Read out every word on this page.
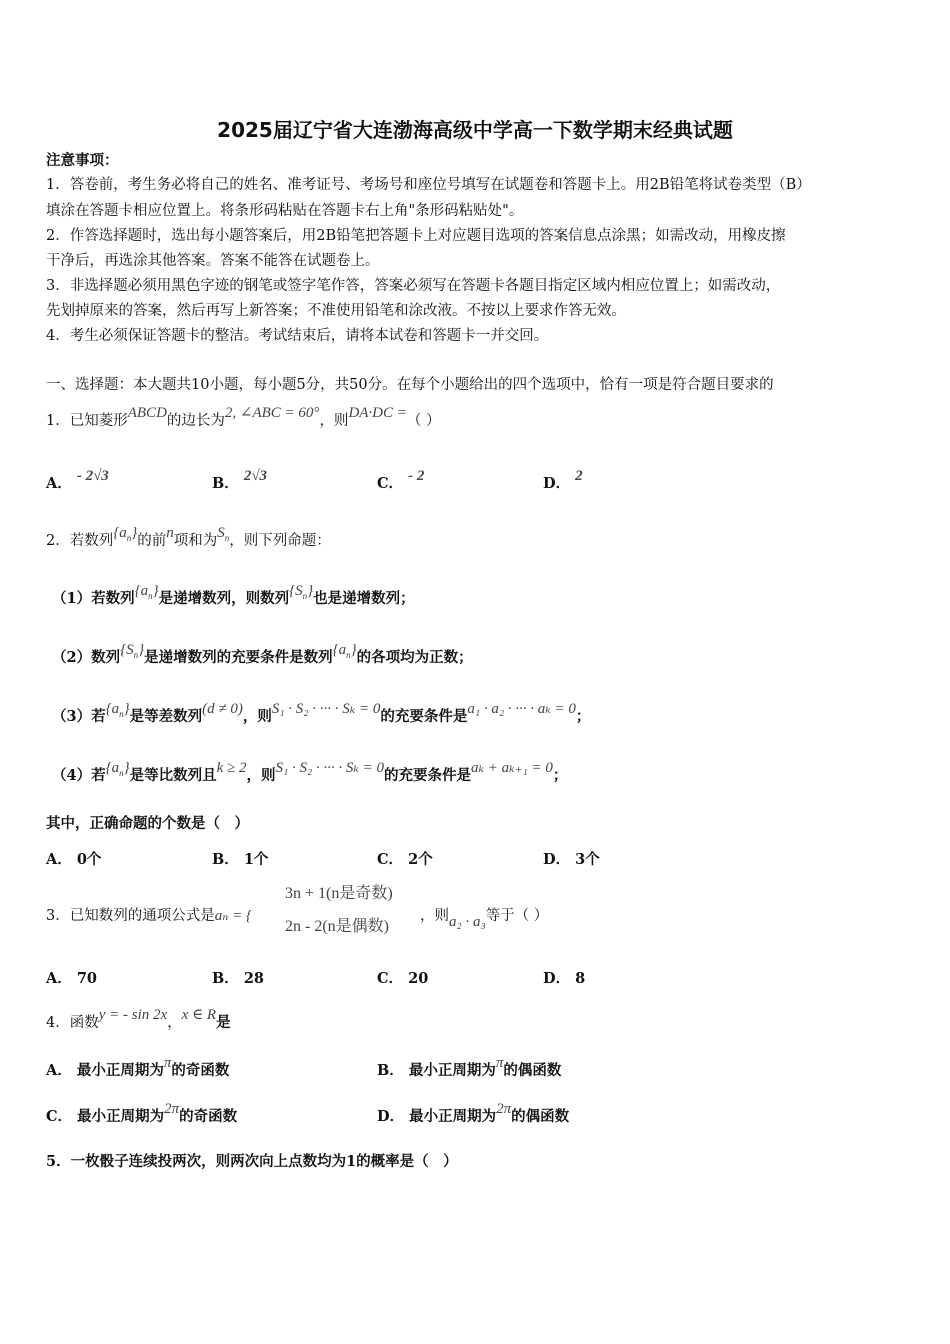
2025届辽宁省大连渤海高级中学高一下数学期末经典试题
注意事项：
1．答卷前，考生务必将自己的姓名、准考证号、考场号和座位号填写在试题卷和答题卡上。用2B铅笔将试卷类型（B）
填涂在答题卡相应位置上。将条形码粘贴在答题卡右上角"条形码粘贴处"。
2．作答选择题时，选出每小题答案后，用2B铅笔把答题卡上对应题目选项的答案信息点涂黑；如需改动，用橡皮擦
干净后，再选涂其他答案。答案不能答在试题卷上。
3．非选择题必须用黑色字迹的钢笔或签字笔作答，答案必须写在答题卡各题目指定区域内相应位置上；如需改动，
先划掉原来的答案，然后再写上新答案；不准使用铅笔和涂改液。不按以上要求作答无效。
4．考生必须保证答题卡的整洁。考试结束后，请将本试卷和答题卡一并交回。
一、选择题：本大题共10小题，每小题5分，共50分。在每个小题给出的四个选项中，恰有一项是符合题目要求的
1．已知菱形ABCD的边长为2, ∠ABC = 60°，则DA·DC =（ ）
A． - 2√3	B． 2√3	C． - 2	D． 2
2．若数列$\{a_n\}$的前n项和为$S_n$，则下列命题：
（1）若数列$\{a_n\}$是递增数列，则数列$\{S_n\}$也是递增数列；
（2）数列$\{S_n\}$是递增数列的充要条件是数列$\{a_n\}$的各项均为正数；
（3）若$\{a_n\}$是等差数列(d ≠ 0)，则S₁ · S₂ · ··· · Sₖ = 0的充要条件是a₁ · a₂ · ··· · aₖ = 0；
（4）若$\{a_n\}$是等比数列且k ≥ 2，则S₁ · S₂ · ··· · Sₖ = 0的充要条件是aₖ + aₖ₊₁ = 0；
其中，正确命题的个数是（　）
A． 0个	B． 1个	C． 2个	D． 3个
3．已知数列的通项公式是aₙ = {
3n + 1(n是奇数)
2n - 2(n是偶数)
，则a₂ · a₃等于（ ）
A． 70	B． 28	C． 20	D． 8
4．函数y = - sin 2x，x ∈ R是
A． 最小正周期为π的奇函数	B． 最小正周期为π的偶函数
C． 最小正周期为2π的奇函数	D． 最小正周期为2π的偶函数
5．一枚骰子连续投两次，则两次向上点数均为1的概率是（　）
